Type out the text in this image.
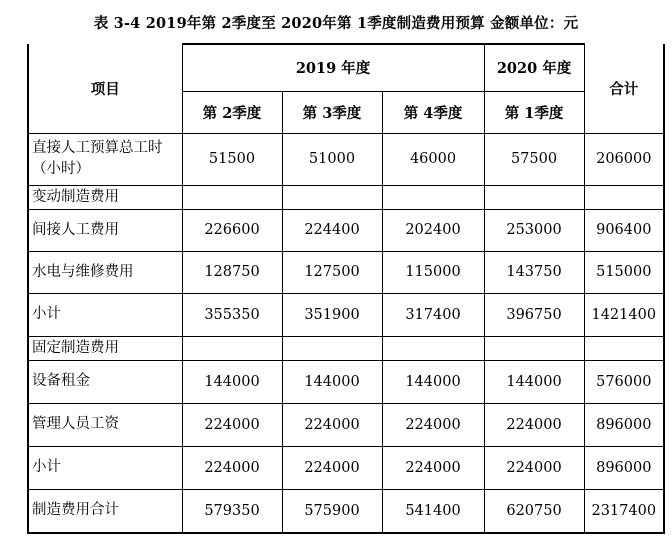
表 3-4 2019年第 2季度至 2020年第 1季度制造费用预算 金额单位：元
项目	2019 年度			2020 年度	合计
	第 2季度	第 3季度	第 4季度	第 1季度	
直接人工预算总工时（小时）	51500	51000	46000	57500	206000
变动制造费用					
间接人工费用	226600	224400	202400	253000	906400
水电与维修费用	128750	127500	115000	143750	515000
小计	355350	351900	317400	396750	1421400
固定制造费用					
设备租金	144000	144000	144000	144000	576000
管理人员工资	224000	224000	224000	224000	896000
小计	224000	224000	224000	224000	896000
制造费用合计	579350	575900	541400	620750	2317400
